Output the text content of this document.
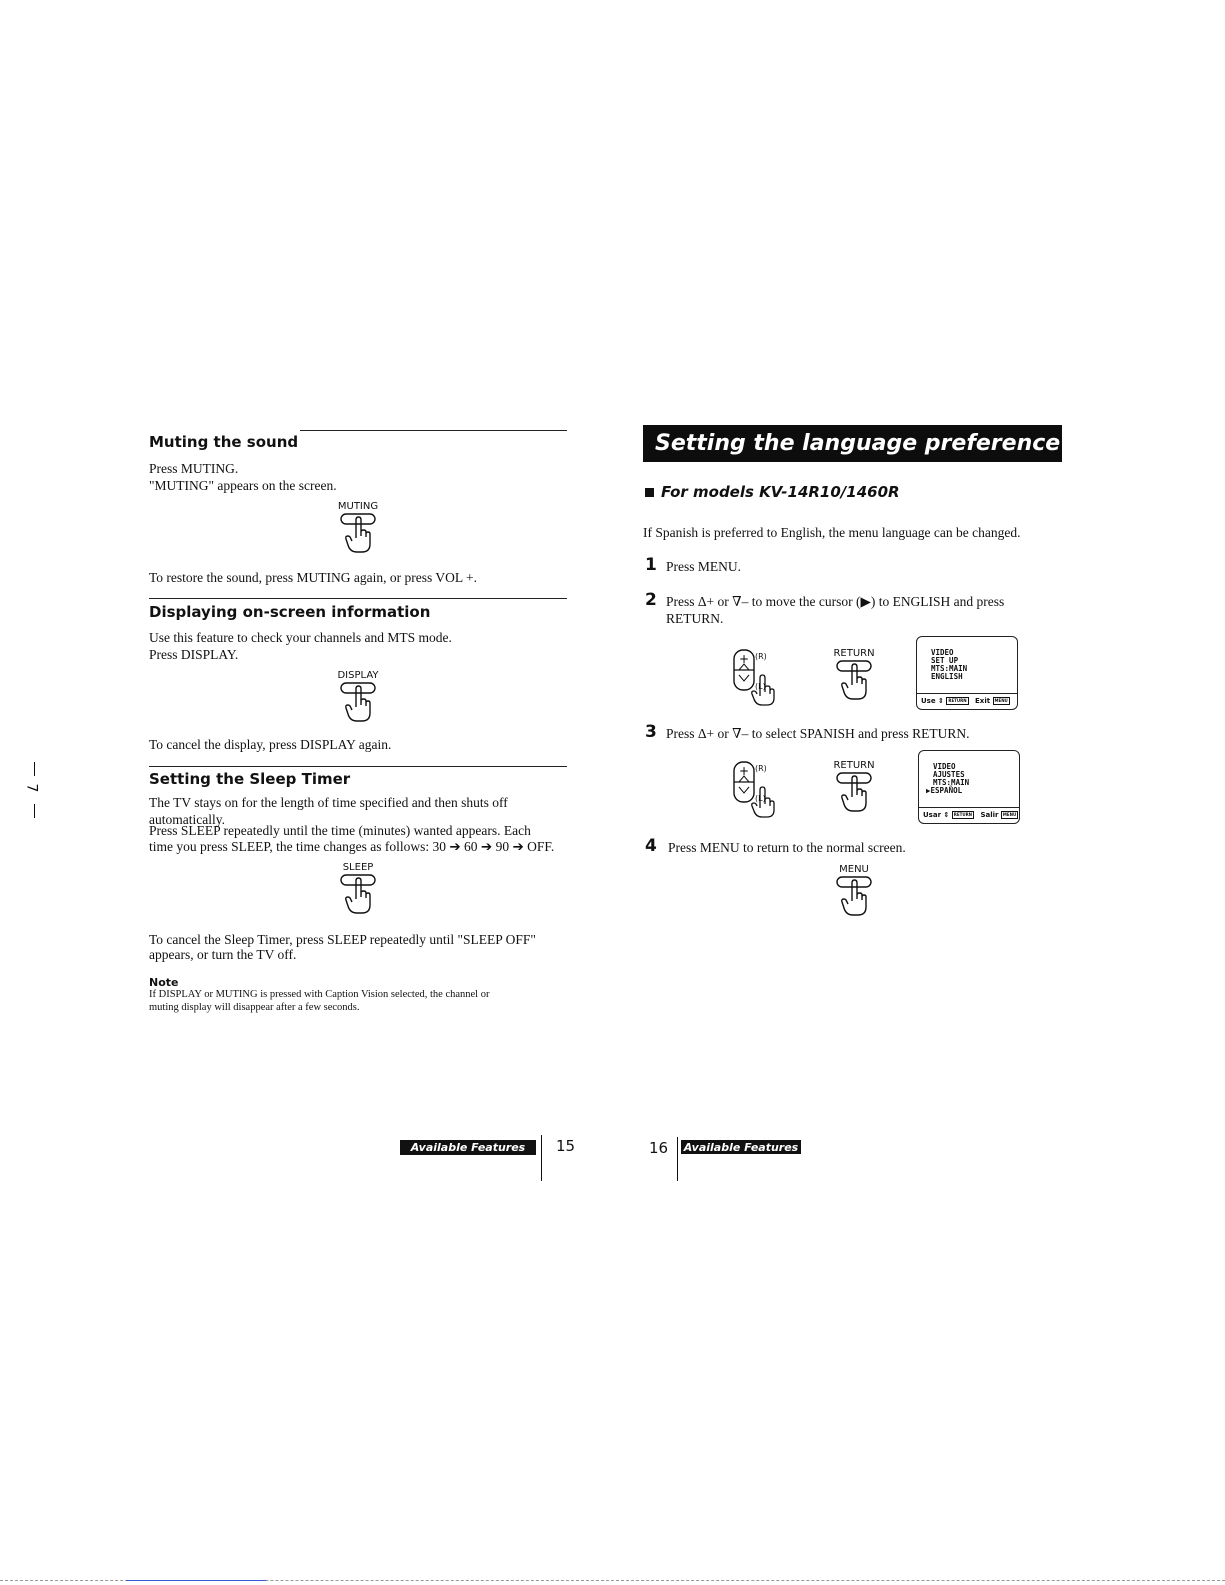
Muting the sound
Press MUTING.
"MUTING" appears on the screen.
MUTING
To restore the sound, press MUTING again, or press VOL +.
Displaying on-screen information
Use this feature to check your channels and MTS mode.
Press DISPLAY.
DISPLAY
To cancel the display, press DISPLAY again.
Setting the Sleep Timer
The TV stays on for the length of time specified and then shuts off
automatically.
Press SLEEP repeatedly until the time (minutes) wanted appears. Each
time you press SLEEP, the time changes as follows: 30 ➔ 60 ➔ 90 ➔ OFF.
SLEEP
To cancel the Sleep Timer, press SLEEP repeatedly until "SLEEP OFF"
appears, or turn the TV off.
Note
If DISPLAY or MUTING is pressed with Caption Vision selected, the channel or
muting display will disappear after a few seconds.
Available Features	15
7
Setting the language preference
For models KV-14R10/1460R
If Spanish is preferred to English, the menu language can be changed.
1 Press MENU.
2 Press Δ+ or ∇– to move the cursor (▶) to ENGLISH and press
RETURN.
+ (R)
(L)
RETURN	VIDEO
SET UP
MTS:MAIN
ENGLISH
Use ⇕ RETURN Exit MENU
3 Press Δ+ or ∇– to select SPANISH and press RETURN.
+ (R)
(L)
RETURN	VIDEO
AJUSTES
MTS:MAIN
▶ESPAÑOL
Usar ⇕ RETURN Salir MENU
4 Press MENU to return to the normal screen.
MENU
16 Available Features
